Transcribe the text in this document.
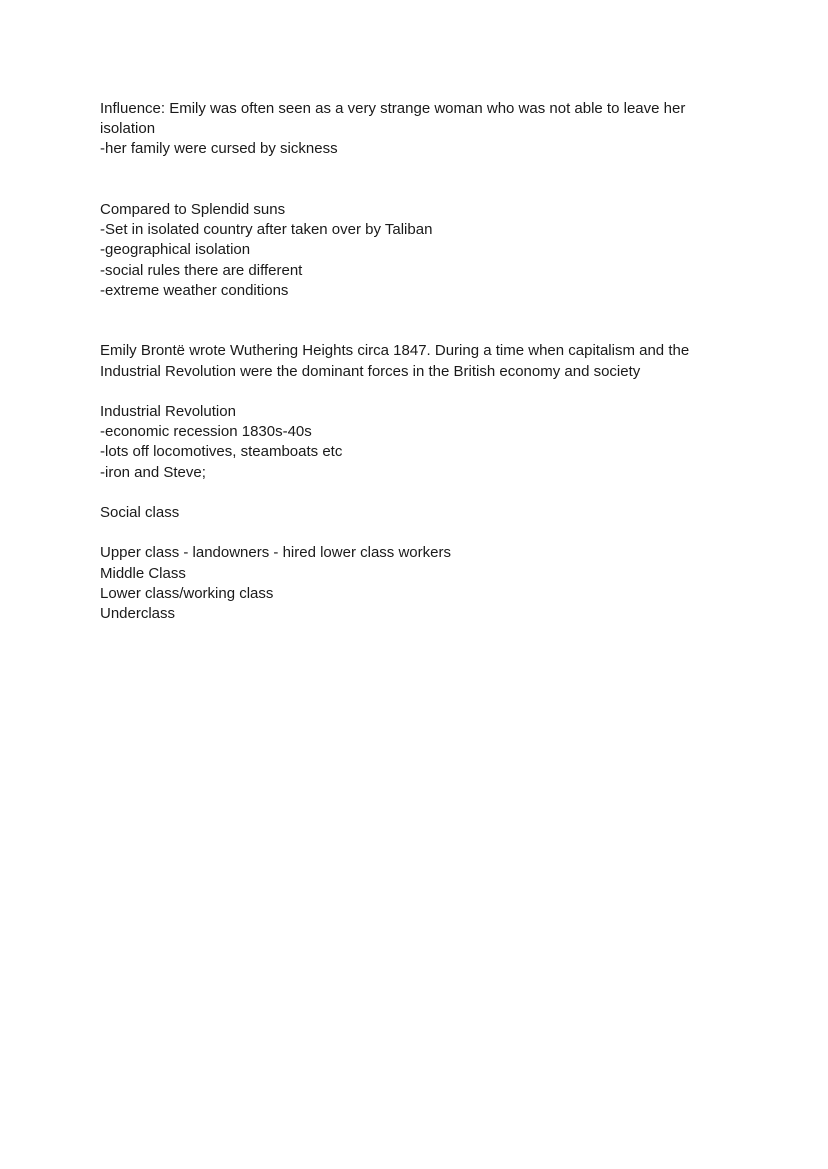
Influence: Emily was often seen as a very strange woman who was not able to leave her
isolation
-her family were cursed by sickness
Compared to Splendid suns
-Set in isolated country after taken over by Taliban
-geographical isolation
-social rules there are different
-extreme weather conditions
Emily Brontë wrote Wuthering Heights circa 1847. During a time when capitalism and the
Industrial Revolution were the dominant forces in the British economy and society
Industrial Revolution
-economic recession 1830s-40s
-lots off locomotives, steamboats etc
-iron and Steve;
Social class
Upper class - landowners - hired lower class workers
Middle Class
Lower class/working class
Underclass
